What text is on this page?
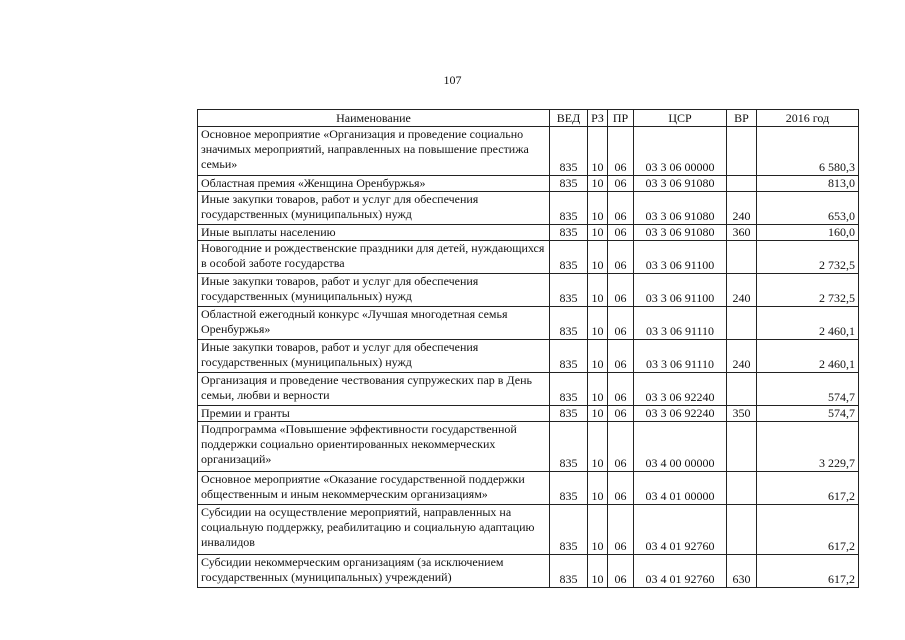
107
Наименование	ВЕД	РЗ	ПР	ЦСР	ВР	2016 год
Основное мероприятие «Организация и проведение социально значимых мероприятий, направленных на повышение престижа семьи»	835	10	06	03 3 06 00000		6 580,3
Областная премия «Женщина Оренбуржья»	835	10	06	03 3 06 91080		813,0
Иные закупки товаров, работ и услуг для обеспечения государственных (муниципальных) нужд	835	10	06	03 3 06 91080	240	653,0
Иные выплаты населению	835	10	06	03 3 06 91080	360	160,0
Новогодние и рождественские праздники для детей, нуждающихся в особой заботе государства	835	10	06	03 3 06 91100		2 732,5
Иные закупки товаров, работ и услуг для обеспечения государственных (муниципальных) нужд	835	10	06	03 3 06 91100	240	2 732,5
Областной ежегодный конкурс «Лучшая многодетная семья Оренбуржья»	835	10	06	03 3 06 91110		2 460,1
Иные закупки товаров, работ и услуг для обеспечения государственных (муниципальных) нужд	835	10	06	03 3 06 91110	240	2 460,1
Организация и проведение чествования супружеских пар в День семьи, любви и верности	835	10	06	03 3 06 92240		574,7
Премии и гранты	835	10	06	03 3 06 92240	350	574,7
Подпрограмма «Повышение эффективности государственной поддержки социально ориентированных некоммерческих организаций»	835	10	06	03 4 00 00000		3 229,7
Основное мероприятие «Оказание государственной поддержки общественным и иным некоммерческим организациям»	835	10	06	03 4 01 00000		617,2
Субсидии на осуществление мероприятий, направленных на социальную поддержку, реабилитацию и социальную адаптацию инвалидов	835	10	06	03 4 01 92760		617,2
Субсидии некоммерческим организациям (за исключением государственных (муниципальных) учреждений)	835	10	06	03 4 01 92760	630	617,2
